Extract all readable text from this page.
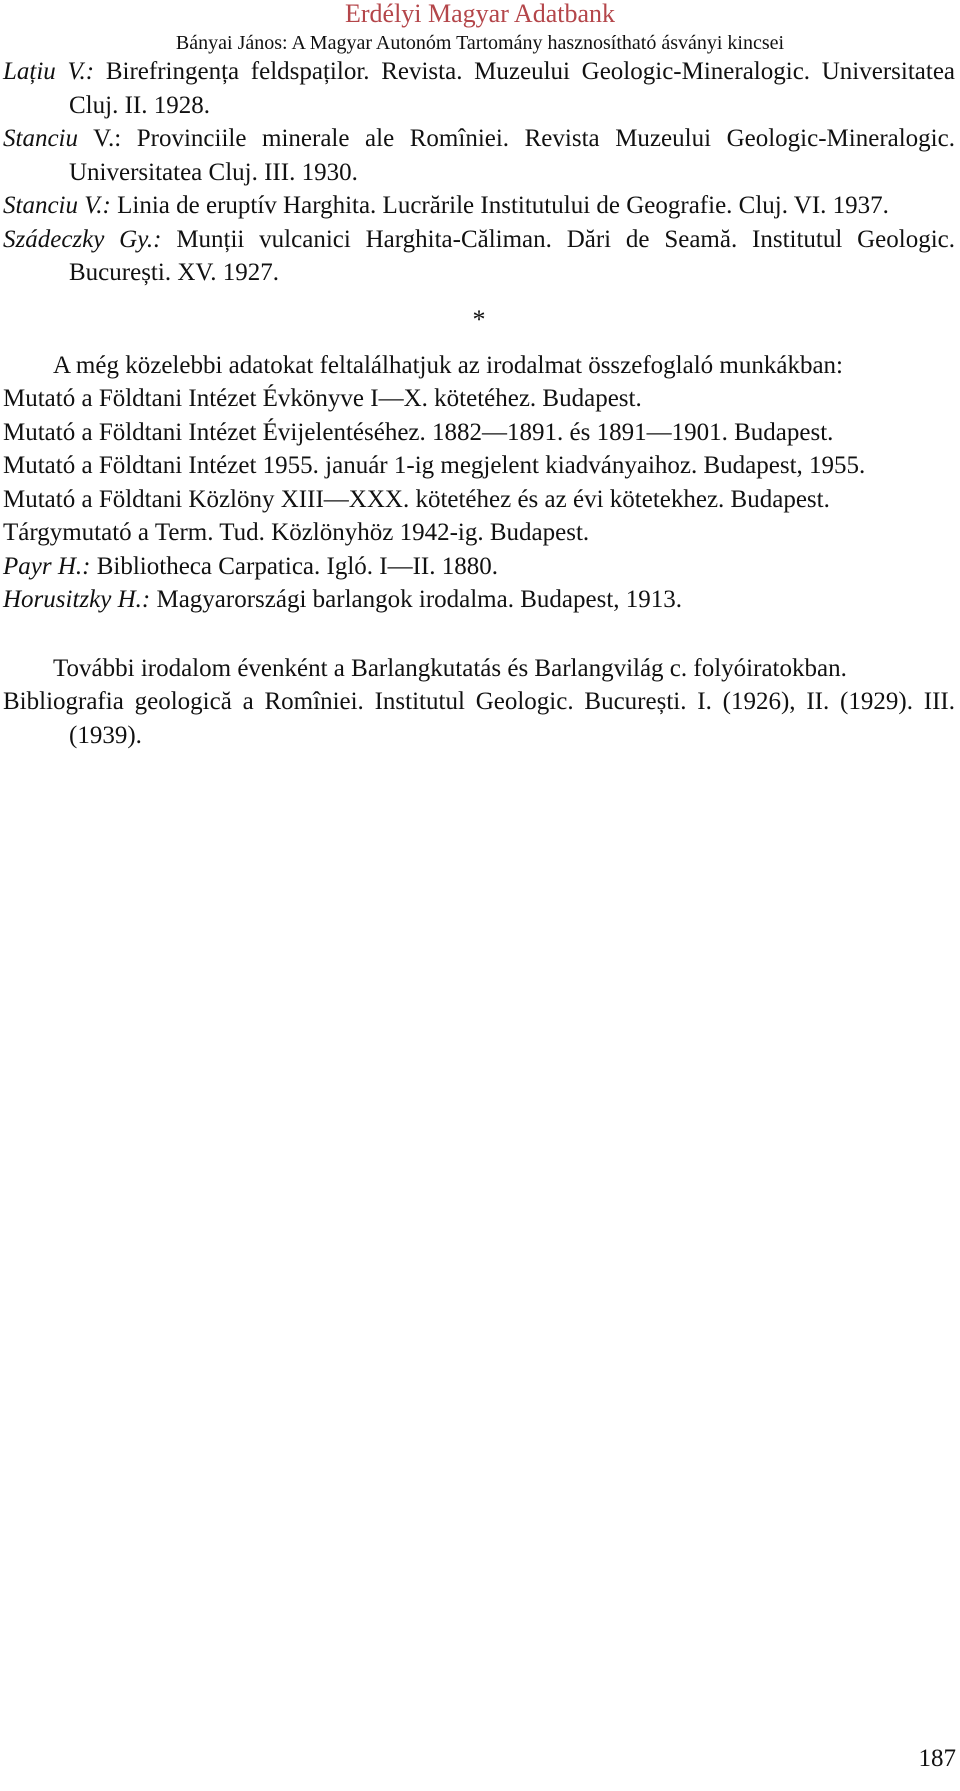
Erdélyi Magyar Adatbank
Bányai János: A Magyar Autonóm Tartomány hasznosítható ásványi kincsei

Lațiu V.: Birefringența feldspaților. Revista. Muzeului Geologic-Mineralogic. Universitatea Cluj. II. 1928.

Stanciu V.: Provinciile minerale ale Romîniei. Revista Muzeului Geologic-Mineralogic. Universitatea Cluj. III. 1930.

Stanciu V.: Linia de eruptív Harghita. Lucrările Institutului de Geografie. Cluj. VI. 1937.

Szádeczky Gy.: Munții vulcanici Harghita-Căliman. Dări de Seamă. Institutul Geologic. București. XV. 1927.

*

A még közelebbi adatokat feltalálhatjuk az irodalmat összefoglaló munkákban:

Mutató a Földtani Intézet Évkönyve I—X. kötetéhez. Budapest.

Mutató a Földtani Intézet Évijelentéséhez. 1882—1891. és 1891—1901. Budapest.

Mutató a Földtani Intézet 1955. január 1-ig megjelent kiadványaihoz. Budapest, 1955.

Mutató a Földtani Közlöny XIII—XXX. kötetéhez és az évi kötetekhez. Budapest.

Tárgymutató a Term. Tud. Közlönyhöz 1942-ig. Budapest.

Payr H.: Bibliotheca Carpatica. Igló. I—II. 1880.

Horusitzky H.: Magyarországi barlangok irodalma. Budapest, 1913.

További irodalom évenként a Barlangkutatás és Barlangvilág c. folyóiratokban.

Bibliografia geologică a Romîniei. Institutul Geologic. București. I. (1926), II. (1929). III. (1939).

187
